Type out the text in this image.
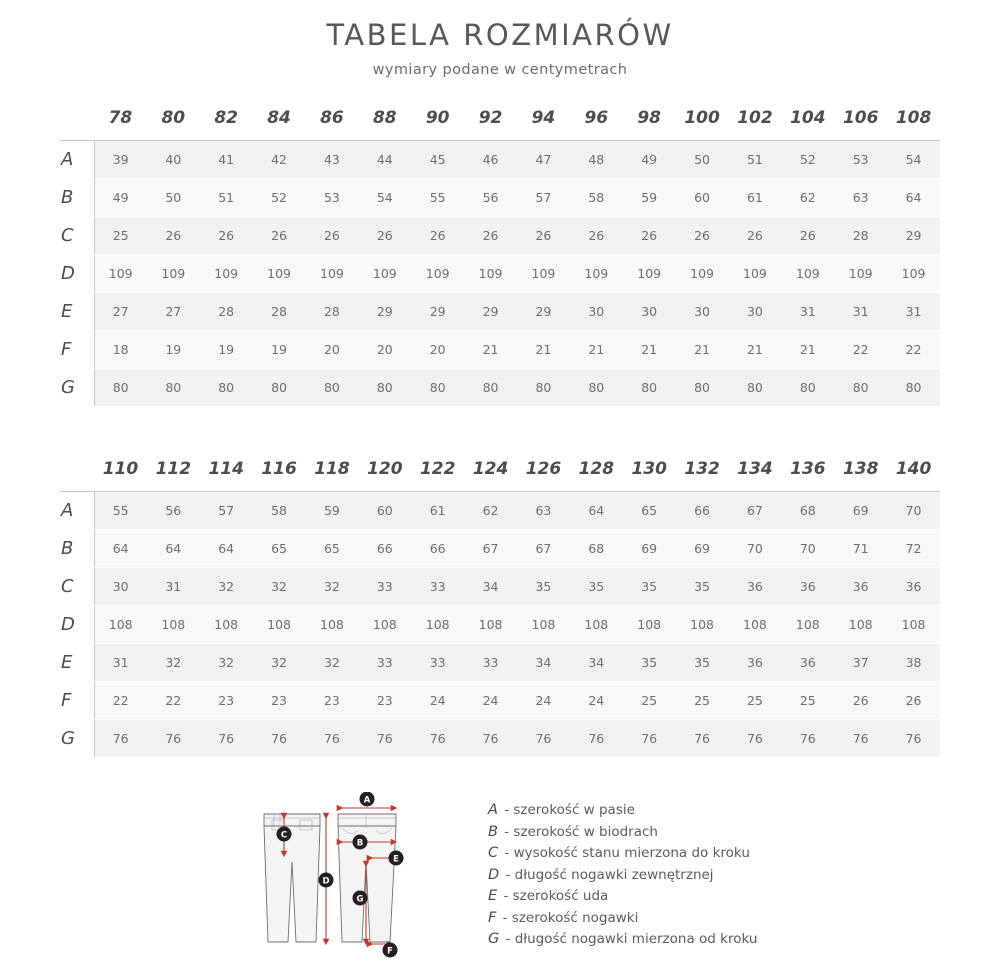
TABELA ROZMIARÓW
wymiary podane w centymetrach
	78	80	82	84	86	88	90	92	94	96	98	100	102	104	106	108
A	39	40	41	42	43	44	45	46	47	48	49	50	51	52	53	54
B	49	50	51	52	53	54	55	56	57	58	59	60	61	62	63	64
C	25	26	26	26	26	26	26	26	26	26	26	26	26	26	28	29
D	109	109	109	109	109	109	109	109	109	109	109	109	109	109	109	109
E	27	27	28	28	28	29	29	29	29	30	30	30	30	31	31	31
F	18	19	19	19	20	20	20	21	21	21	21	21	21	21	22	22
G	80	80	80	80	80	80	80	80	80	80	80	80	80	80	80	80
	110	112	114	116	118	120	122	124	126	128	130	132	134	136	138	140
A	55	56	57	58	59	60	61	62	63	64	65	66	67	68	69	70
B	64	64	64	65	65	66	66	67	67	68	69	69	70	70	71	72
C	30	31	32	32	32	33	33	34	35	35	35	35	36	36	36	36
D	108	108	108	108	108	108	108	108	108	108	108	108	108	108	108	108
E	31	32	32	32	32	33	33	33	34	34	35	35	36	36	37	38
F	22	22	23	23	23	23	24	24	24	24	25	25	25	25	26	26
G	76	76	76	76	76	76	76	76	76	76	76	76	76	76	76	76
A
B
C
D
E
F
G
A - szerokość w pasie
B - szerokość w biodrach
C - wysokość stanu mierzona do kroku
D - długość nogawki zewnętrznej
E - szerokość uda
F - szerokość nogawki
G - długość nogawki mierzona od kroku
